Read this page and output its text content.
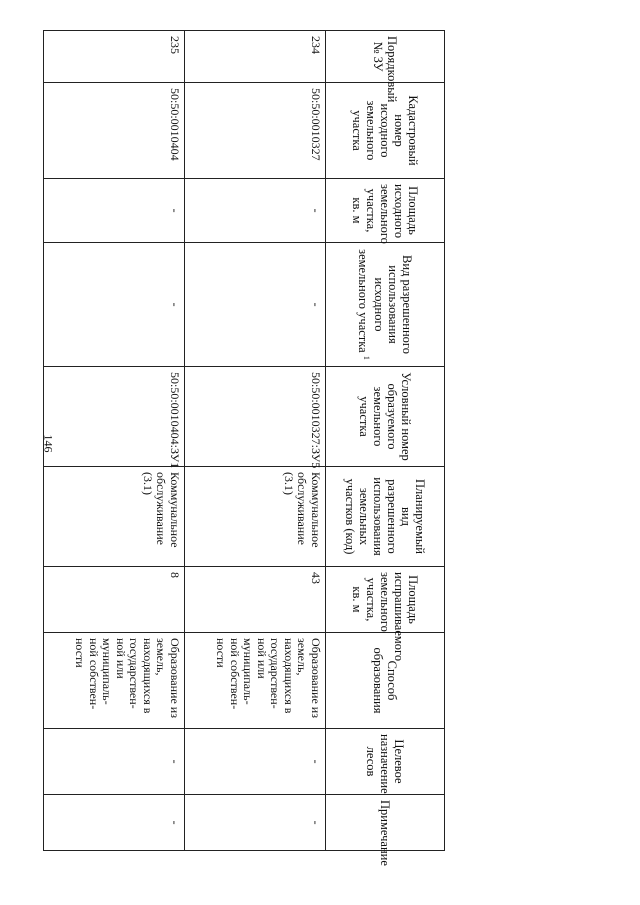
146
Порядковый № ЗУ	Кадастровый номер исходного земельного участка	Площадь исходного земельного участка, кв. м	Вид разрешенного использования исходного земельного участка $^1$	Условный номер образуемого земельного участка	Планируемый вид разрешенного использования земельных участков (код)	Площадь испрашиваемого земельного участка, кв. м	Способ образования	Целевое назначение лесов	Примечание
234	50:50:0010327	-	-	50:50:0010327:ЗУ5	Коммунальное обслуживание (3.1)	43	Образование из земель, находящихся в государствен-ной или муниципаль-ной собствен-ности	-	-
235	50:50:0010404	-	-	50:50:0010404:ЗУ1	Коммунальное обслуживание (3.1)	8	Образование из земель, находящихся в государствен-ной или муниципаль-ной собствен-ности	-	-
